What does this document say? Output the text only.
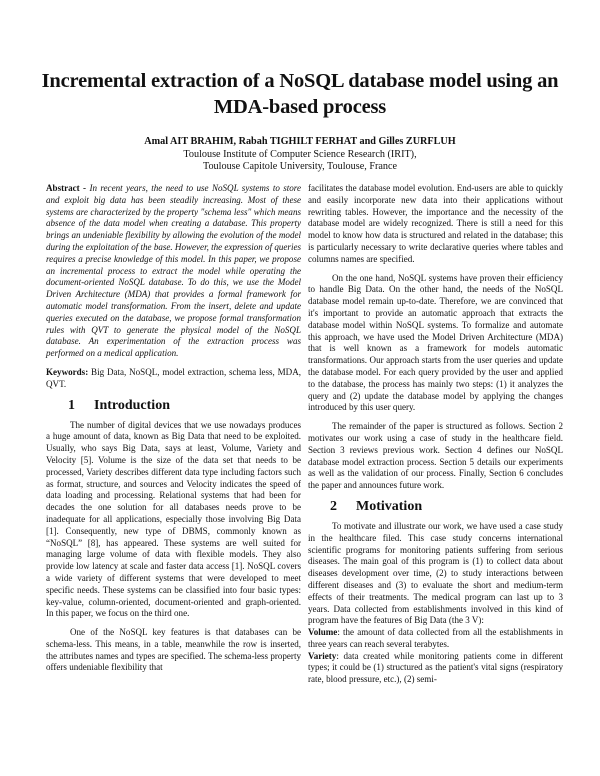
Incremental extraction of a NoSQL database model using an MDA-based process
Amal AIT BRAHIM, Rabah TIGHILT FERHAT and Gilles ZURFLUH
Toulouse Institute of Computer Science Research (IRIT),
Toulouse Capitole University, Toulouse, France

Abstract - In recent years, the need to use NoSQL systems to store and exploit big data has been steadily increasing. Most of these systems are characterized by the property "schema less" which means absence of the data model when creating a database. This property brings an undeniable flexibility by allowing the evolution of the model during the exploitation of the base. However, the expression of queries requires a precise knowledge of this model. In this paper, we propose an incremental process to extract the model while operating the document-oriented NoSQL database. To do this, we use the Model Driven Architecture (MDA) that provides a formal framework for automatic model transformation. From the insert, delete and update queries executed on the database, we propose formal transformation rules with QVT to generate the physical model of the NoSQL database. An experimentation of the extraction process was performed on a medical application.

Keywords: Big Data, NoSQL, model extraction, schema less, MDA, QVT.

1 Introduction

The number of digital devices that we use nowadays produces a huge amount of data, known as Big Data that need to be exploited. Usually, who says Big Data, says at least, Volume, Variety and Velocity [5]. Volume is the size of the data set that needs to be processed, Variety describes different data type including factors such as format, structure, and sources and Velocity indicates the speed of data loading and processing. Relational systems that had been for decades the one solution for all databases needs prove to be inadequate for all applications, especially those involving Big Data [1]. Consequently, new type of DBMS, commonly known as “NoSQL” [8], has appeared. These systems are well suited for managing large volume of data with flexible models. They also provide low latency at scale and faster data access [1]. NoSQL covers a wide variety of different systems that were developed to meet specific needs. These systems can be classified into four basic types: key-value, column-oriented, document-oriented and graph-oriented. In this paper, we focus on the third one.

One of the NoSQL key features is that databases can be schema-less. This means, in a table, meanwhile the row is inserted, the attributes names and types are specified. The schema-less property offers undeniable flexibility that

facilitates the database model evolution. End-users are able to quickly and easily incorporate new data into their applications without rewriting tables. However, the importance and the necessity of the database model are widely recognized. There is still a need for this model to know how data is structured and related in the database; this is particularly necessary to write declarative queries where tables and columns names are specified.

On the one hand, NoSQL systems have proven their efficiency to handle Big Data. On the other hand, the needs of the NoSQL database model remain up-to-date. Therefore, we are convinced that it's important to provide an automatic approach that extracts the database model within NoSQL systems. To formalize and automate this approach, we have used the Model Driven Architecture (MDA) that is well known as a framework for models automatic transformations. Our approach starts from the user queries and update the database model. For each query provided by the user and applied to the database, the process has mainly two steps: (1) it analyzes the query and (2) update the database model by applying the changes introduced by this user query.

The remainder of the paper is structured as follows. Section 2 motivates our work using a case of study in the healthcare field. Section 3 reviews previous work. Section 4 defines our NoSQL database model extraction process. Section 5 details our experiments as well as the validation of our process. Finally, Section 6 concludes the paper and announces future work.

2 Motivation

To motivate and illustrate our work, we have used a case study in the healthcare filed. This case study concerns international scientific programs for monitoring patients suffering from serious diseases. The main goal of this program is (1) to collect data about diseases development over time, (2) to study interactions between different diseases and (3) to evaluate the short and medium-term effects of their treatments. The medical program can last up to 3 years. Data collected from establishments involved in this kind of program have the features of Big Data (the 3 V):

Volume: the amount of data collected from all the establishments in three years can reach several terabytes.

Variety: data created while monitoring patients come in different types; it could be (1) structured as the patient's vital signs (respiratory rate, blood pressure, etc.), (2) semi-
